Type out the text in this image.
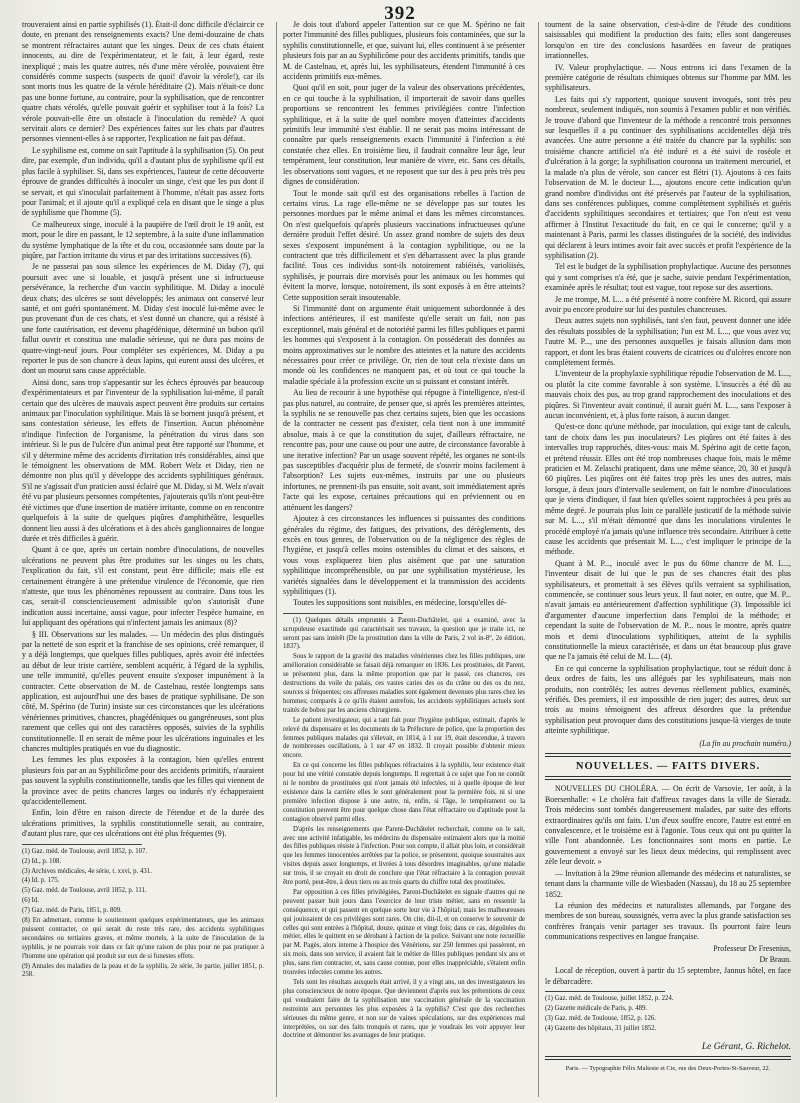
392

trouveraient ainsi en partie syphilisés (1). Était-il donc difficile d'éclaircir ce doute, en prenant des renseignements exacts? Une demi-douzaine de chats se montrent réfractaires autant que les singes. Deux de ces chats étaient innocents, au dire de l'expérimentateur, et le fait, à leur égard, reste inexpliqué ; mais les quatre autres, nés d'une mère vérolée, pouvaient être considérés comme suspects (suspects de quoi! d'avoir la vérole!), car ils sont morts tous les quatre de la vérole héréditaire (2). Mais n'était-ce donc pas une bonne fortune, au contraire, pour la syphilisation, que de rencontrer quatre chats vérolés, qu'elle pouvait guérir et syphiliser tout à la fois? La vérole pouvait-elle être un obstacle à l'inoculation du remède? A quoi servirait alors ce dernier? Des expériences faites sur les chats par d'autres personnes viennent-elles à se rapporter, l'explication ne fait pas défaut.

Le syphilisme est, comme on sait l'aptitude à la syphilisation (5). On peut dire, par exemple, d'un individu, qu'il a d'autant plus de syphilisme qu'il est plus facile à syphiliser. Si, dans ses expériences, l'auteur de cette découverte éprouve de grandes difficultés à inoculer un singe, c'est que les pus dont il se servait, et qui s'inoculait parfaitement à l'homme, n'était pas assez forts pour l'animal; et il ajoute qu'il a expliqué cela en disant que le singe a plus de syphilisme que l'homme (5).

Ce malheureux singe, inoculé à la paupière de l'œil droit le 19 août, est mort, pour le dire en passant, le 12 septembre, à la suite d'une inflammation du système lymphatique de la tête et du cou, occasionnée sans doute par la piqûre, par l'action irritante du virus et par des irritations successives (6).

Je ne passerai pas sous silence les expériences de M. Diday (7), qui poursuit avec une si louable, et jusqu'à présent une si infructueuse persévérance, la recherche d'un vaccin syphilitique. M. Diday a inoculé deux chats; des ulcères se sont développés; les animaux ont conservé leur santé, et ont guéri spontanément. M. Diday s'est inoculé lui-même avec le pus provenant d'un de ces chats, et s'est donné un chancre, qui a résisté à une forte cautérisation, est devenu phagédénique, déterminé un bubon qu'il fallut ouvrir et constitua une maladie sérieuse, qui ne dura pas moins de quatre-vingt-neuf jours. Pour compléter ses expériences, M. Diday a pu reporter le pus de son chancre à deux lapins, qui eurent aussi des ulcères, et dont un mourut sans cause appréciable.

Ainsi donc, sans trop s'appesantir sur les échecs éprouvés par beaucoup d'expérimentateurs et par l'inventeur de la syphilisation lui-même, il paraît certain que des ulcères de mauvais aspect peuvent être produits sur certains animaux par l'inoculation syphilitique. Mais là se bornent jusqu'à présent, et sans contestation sérieuse, les effets de l'insertion. Aucun phénomène n'indique l'infection de l'organisme, la pénétration du virus dans son intérieur. Si le pus de l'ulcère d'un animal peut être rapporté sur l'homme, et s'il y détermine même des accidents d'irritation très considérables, ainsi que le témoignent les observations de MM. Robert Welz et Diday, rien ne démontre non plus qu'il y développe des accidents syphilitiques généraux. S'il ne s'agissait d'un praticien aussi éclairé que M. Diday, si M. Welz n'avait été vu par plusieurs personnes compétentes, j'ajouterais qu'ils n'ont peut-être été victimes que d'une insertion de matière irritante, comme on en rencontre quelquefois à la suite de quelques piqûres d'amphithéâtre, lesquelles donnent lieu aussi à des ulcérations et à des abcès ganglionnaires de longue durée et très difficiles à guérir.

Quant à ce que, après un certain nombre d'inoculations, de nouvelles ulcérations ne peuvent plus être produites sur les singes ou les chats, l'explication du fait, s'il est constant, peut être difficile; mais elle est certainement étrangère à une prétendue virulence de l'économie, que rien n'atteste, que tous les phénomènes repoussent au contraire. Dans tous les cas, serait-il consciencieusement admissible qu'on s'autorisât d'une indication aussi incertaine, aussi vague, pour infecter l'espèce humaine, en lui appliquant des opérations qui n'infectent jamais les animaux (8)?

§ III. Observations sur les malades. — Un médecin des plus distingués par la netteté de son esprit et la franchise de ses opinions, créé remarquer, il y a déjà longtemps, que quelques filles publiques, après avoir été infectées au début de leur triste carrière, semblent acquérir, à l'égard de la syphilis, une telle immunité, qu'elles peuvent ensuite s'exposer impunément à la contracter. Cette observation de M. de Castelnau, restée longtemps sans application, est aujourd'hui une des bases de pratique syphilisane. De son côté, M. Spérino (de Turin) insiste sur ces circonstances que les ulcérations vénériennes primitives, chancres, phagédéniques ou gangréneuses, sont plus rarement que celles qui ont des caractères opposés, suivies de la syphilis constitutionnelle. Il en serait de même pour les ulcérations inguinales et les chancres multiples pratiqués en vue du diagnostic.

Les femmes les plus exposées à la contagion, bien qu'elles entrent plusieurs fois par an au Syphilicôme pour des accidents primitifs, n'auraient pas souvent la syphilis constitutionnelle, tandis que les filles qui viennent de la province avec de petits chancres larges ou indurés n'y échapperaient qu'accidentellement.

Enfin, loin d'être en raison directe de l'étendue et de la durée des ulcérations primitives, la syphilis constitutionnelle serait, au contraire, d'autant plus rare, que ces ulcérations ont été plus fréquentes (9).

(1) Gaz. méd. de Toulouse, avril 1852, p. 107.

(2) Id., p. 108.

(3) Archives médicales, 4e série, t. xxvi, p. 431.

(4) Id. p. 175.

(5) Gaz. méd. de Toulouse, avril 1852, p. 111.

(6) Id.

(7) Gaz. méd. de Paris, 1851, p. 809.

(8) En admettant, comme le soutiennent quelques expérimentateurs, que les animaux puissent contracter, ce qui serait du reste très rare, des accidents syphilitiques secondaires ou tertiaires graves, et même mortels, à la suite de l'inoculation de la syphilis, je ne pourrais voir dans ce fait qu'une raison de plus pour ne pas pratiquer à l'homme une opération qui produit sur eux de si funestes effets.

(9) Annales des maladies de la peau et de la syphilis, 2e série, 3e partie, juillet 1851, p. 258.

Je dois tout d'abord appeler l'attention sur ce que M. Spérino ne fait porter l'immunité des filles publiques, plusieurs fois contaminées, que sur la syphilis constitutionnelle, et que, suivant lui, elles continuent à se présenter plusieurs fois par an au Syphilicôme pour des accidents primitifs, tandis que M. de Castelnau, et, après lui, les syphilisateurs, étendent l'immunité à ces accidents primitifs eux-mêmes.

Quoi qu'il en soit, pour juger de la valeur des observations précédentes, en ce qui touche à la syphilisation, il importerait de savoir dans quelles proportions se rencontrent les femmes privilégiées contre l'infection syphilitique, et à la suite de quel nombre moyen d'atteintes d'accidents primitifs leur immunité s'est établie. Il ne serait pas moins intéressant de connaître par quels renseignements exacts l'immunité à l'infection a été constatée chez elles. En troisième lieu, il faudrait connaître leur âge, leur tempérament, leur constitution, leur manière de vivre, etc. Sans ces détails, les observations sont vagues, et ne reposent que sur des à peu près très peu dignes de considération.

Tout le monde sait qu'il est des organisations rebelles à l'action de certains virus. La rage elle-même ne se développe pas sur toutes les personnes mordues par le même animal et dans les mêmes circonstances. On n'est quelquefois qu'après plusieurs vaccinations infructueuses qu'une dernière produit l'effet désiré. Un assez grand nombre de sujets des deux sexes s'exposent impunément à la contagion syphilitique, ou ne la contractent que très difficilement et s'en débarrassent avec la plus grande facilité. Tous ces individus sont-ils notoirement rabiéisés, varioliisés, syphilisés, je pourrais dire morvisés pour les animaux ou les hommes qui évitent la morve, lorsque, notoirement, ils sont exposés à en être atteints? Cette supposition serait insoutenable.

Si l'immunité dont on argumente était uniquement subordonnée à des infections antérieures, il est manifeste qu'elle serait un fait, non pas exceptionnel, mais général et de notoriété parmi les filles publiques et parmi les hommes qui s'exposent à la contagion. On posséderait des données au moins approximatives sur le nombre des atteintes et la nature des accidents nécessaires pour créer ce privilège. Or, rien de tout cela n'existe dans un monde où les confidences ne manquent pas, et où tout ce qui touche la maladie spéciale à la profession excite un si puissant et constant intérêt.

Au lieu de recourir à une hypothèse qui répugne à l'intelligence, n'est-il pas plus naturel, au contraire, de penser que, si après les premières atteintes, la syphilis ne se renouvelle pas chez certains sujets, bien que les occasions de la contracter ne cessent pas d'exister, cela tient non à une immunité absolue, mais à ce que la constitution du sujet, d'ailleurs réfractaire, ne rencontre pas, pour une cause ou pour une autre, de circonstance favorable à une iterative infection? Par un usage souvent répété, les organes ne sont-ils pas susceptibles d'acquérir plus de fermeté, de s'ouvrir moins facilement à l'absorption? Les sujets eux-mêmes, instruits par une ou plusieurs infortunes, ne prennent-ils pas ensuite, soit avant, soit immédiatement après l'acte qui les expose, certaines précautions qui en préviennent ou en atténuent les dangers?

Ajoutez à ces circonstances les influences si puissantes des conditions générales du régime, des fatigues, des privations, des dérèglements, des excès en tous genres, de l'observation ou de la négligence des règles de l'hygiène, et jusqu'à celles moins ostensibles du climat et des saisons, et vous vous expliquerez bien plus aisément que par une saturation syphilitique incompréhensible, ou par une syphilisation mystérieuse, les variétés signalées dans le développement et la transmission des accidents syphilitiques (1).

Toutes les suppositions sont nuisibles, en médecine, lorsqu'elles dé-

(1) Quelques détails empruntés à Parent-Duchâtelet, qui a examiné, avec la scrupuleuse exactitude qui caractérisait ses travaux, la question que je traite ici, ne seront pas sans intérêt (De la prostitution dans la ville de Paris, 2 vol in-8°, 2e édition, 1837).

Sous le rapport de la gravité des maladies vénériennes chez les filles publiques, une amélioration considérable se faisait déjà remarquer en 1836. Les prostituées, dit Parent, se présentent plus, dans la même proportion que par le passé, ces chancres, ces destructions du voile du palais, ces vastes caries des os du crâne ou des os du nez, sources si fréquentes; ces affreuses maladies sont également devenues plus rares chez les hommes; comparés à ce qu'ils étaient autrefois, les accidents syphilitiques actuels sont traités de bobos par les anciens chirurgiens.

Le patient investigateur, qui a tant fait pour l'hygiène publique, estimait, d'après le relevé du dispensaire et les documents de la Préfecture de police, que la proportion des femmes publiques malades qui s'élevait, en 1814, à 1 sur 19, était descendue, à travers de nombreuses oscillations, à 1 sur 47 en 1832. Il croyait possible d'obtenir mieux encore.

En ce qui concerne les filles publiques réfractaires à la syphilis, leur existence était pour lui une vérité constatée depuis longtemps. Il regrettait à ce sujet que l'on ne connût ni le nombre de prostituées qui n'ont jamais été infectées, ni à quelle époque de leur existence dans la carrière elles le sont généralement pour la première fois, ni si une première infection dispose à une autre, ni, enfin, si l'âge, le tempérament ou la constitution peuvent être pour quelque chose dans l'état réfractaire ou d'aptitude pour la contagion observé parmi elles.

D'après les renseignements que Parent-Duchâtelet recherchait, comme on le sait, avec une activité infatigable, les médecins du dispensaire estimaient alors que la moitié des filles publiques résiste à l'infection. Pour son compte, il allait plus loin, et considérait que les femmes innocentées arrêtées par la police, se présentent, quoique soustraites aux visites depuis assez longtemps, et livrées à tous désordres imaginables, qu'une maladie sur trois, il se croyait en droit de conclure que l'état réfractaire à la contagion pouvait être porté, peut-être, à deux tiers ou au trois quarts du chiffre total des prostituées.

Par opposition à ces filles privilégiées, Parent-Duchâtelet en signale d'autres qui ne peuvent passer huit jours dans l'exercice de leur triste métier, sans en ressentir la conséquence, et qui passent en quelque sorte leur vie à l'hôpital; mais les malheureuses qui jouissaient de ces privilèges sont rares. On cite, dit-il, et on conserve le souvenir de celles qui sont entrées à l'hôpital, douze, quinze et vingt fois; dans ce cas, dégoûtées du métier, elles le quittent en se dérobant à l'action de la police. Suivant une note recueillie par M. Pagès, alors interne à l'hospice des Vénériens, sur 250 femmes qui passèrent, en six mois, dans son service, il avaient fait le métier de filles publiques pendant six ans et plus, sans rien contracter, et, sans cause connue, pour elles inappréciable, s'étaient enfin trouvées infectées comme les autres.

Tels sont les résultats auxquels était arrivé, il y a vingt ans, un des investigateurs les plus consciencieux de notre époque. Que deviennent d'après eux les prétentions de ceux qui voudraient faire de la syphilisation une vaccination générale de la vaccination restreinte aux personnes les plus exposées à la syphilis? C'est que des recherches sérieuses du même genre, et non sur de vaines spéculations, sur des expériences mal interprétées, ou sur des faits tronqués et rares, que je voudrais les voir appuyer leur doctrine et démontrer les avantages de leur pratique.

tournent de la saine observation, c'est-à-dire de l'étude des conditions saisissables qui modifient la production des faits; elles sont dangereuses lorsqu'on en tire des conclusions hasardées en faveur de pratiques irrationnelles.

IV. Valeur prophylactique. — Nous entrons ici dans l'examen de la première catégorie de résultats chimiques obtenus sur l'homme par MM. les syphilisateurs.

Les faits qui s'y rapportent, quoique souvent invoqués, sont très peu nombreux, seulement indiqués, non soumis à l'examen public et non vérifiés. Je trouve d'abord que l'inventeur de la méthode a rencontré trois personnes sur lesquelles il a pu continuer des syphilisations accidentelles déjà très avancées. Une autre personne a été traitée du chancre par la syphilis: son troisième chancre artificiel n'a été induré et a été suivi de roséole et d'ulcération à la gorge; la syphilisation couronna un traitement mercuriel, et la malade n'a plus de vérole, son cancer est flétri (1). Ajoutons à ces faits l'observation de M. le docteur L..., ajoutons encore cette indication qu'un grand nombre d'individus ont été préservés par l'auteur de la syphilisation, dans ses conférences publiques, comme complètement syphilisés et guéris d'accidents syphilitiques secondaires et tertiaires; que l'on n'eut est venu affirmer à l'Institut l'exactitude du fait, en ce qui le concerne; qu'il y a maintenant à Paris, parmi les classes distinguées de la société, des individus qui déclarent à leurs intimes avoir fait avec succès et profit l'expérience de la syphilisation (2).

Tel est le budget de la syphilisation prophylactique. Aucune des personnes qui y sont comprises n'a été, que je sache, suivie pendant l'expérimentation, examinée après le résultat; tout est vague, tout repose sur des assertions.

Je me trompe, M. L... a été présenté à notre confrère M. Ricord, qui assure avoir pu encore produire sur lui des pustules chancreuses.

Deux autres sujets non syphilisés, tant s'en faut, peuvent donner une idée des résultats possibles de la syphilisation; l'un est M. L..., que vous avez vu; l'autre M. P..., une des personnes auxquelles je faisais allusion dans mon rapport, et dont les bras étaient couverts de cicatrices ou d'ulcères encore non complètement fermés.

L'inventeur de la prophylaxie syphilitique répudie l'observation de M. L..., ou plutôt la cite comme favorable à son système. L'insuccès a été dû au mauvais choix des pus, au trop grand rapprochement des inoculations et des piqûres. Si l'inventeur avait continué, il aurait guéri M. L..., sans l'exposer à aucun inconvénient, et, à plus forte raison, à aucun danger.

Qu'est-ce donc qu'une méthode, par inoculation, qui exige tant de calculs, tant de choix dans les pus inoculateurs? Les piqûres ont été faites à des intervalles trop rapprochés, dites-vous: mais M. Spérino agit de cette façon, et prétend réussir. Elles ont été trop nombreuses chaque fois, mais le même praticien et M. Zelaschi pratiquent, dans une même séance, 20, 30 et jusqu'à 60 piqûres. Les piqûres ont été faites trop près les unes des autres, mais lorsque, à deux jours d'intervalle seulement, on fait le nombre d'inoculations que je viens d'indiquer, il faut bien qu'elles soient rapprochées à peu près au même degré. Je pourrais plus loin ce parallèle justicatif de la méthode suivie sur M. L..., s'il m'était démontré que dans les inoculations virulentes le procédé employé n'a jamais qu'une influence très secondaire. Attribuer à cette cause les accidents que présentait M. L..., c'est impliquer le principe de la méthode.

Quant à M. P..., inoculé avec le pus du 60me chancre de M. L..., l'inventeur disait de lui que le pus de ses chancres était des plus syphilisateurs, et promettait à ses élèves qu'ils verraient sa syphilisation, commencée, se continuer sous leurs yeux. Il faut noter, en outre, que M. P... n'avait jamais eu antérieurement d'affection syphilitique (3). Impossible ici d'argumenter d'aucune imperfection dans l'emploi de la méthode; et cependant la suite de l'observation de M. P... nous le montre, après quatre mois et demi d'inoculations syphilitiques, atteint de la syphilis constitutionnelle la mieux caractérisée, et dans un état beaucoup plus grave que ne l'a jamais été celui de M. L... (4).

En ce qui concerne la syphilisation prophylactique, tout se réduit donc à deux ordres de faits, les uns allégués par les syphilisateurs, mais non produits, non contrôlés; les autres devenus réellement publics, examinés, vérifiés. Des premiers, il est impossible de rien juger; des autres, deux sur trois au moins témoignent des affreux désordres que la prétendue syphilisation peut provoquer dans des constitutions jusque-là vierges de toute atteinte syphilitique.

(La fin au prochain numéro.)

NOUVELLES. — FAITS DIVERS.

NOUVELLES DU CHOLÉRA. — On écrit de Varsovie, 1er août, à la Boersenhalle: « Le choléra fait d'affreux ravages dans la ville de Sieradz. Trois médecins sont tombés dangereusement malades, par suite des efforts extraordinaires qu'ils ont faits. L'un d'eux souffre encore, l'autre est entré en convalescence, et le troisième est à l'agonie. Tous ceux qui ont pu quitter la ville l'ont abandonnée. Les fonctionnaires sont morts en partie. Le gouvernement a envoyé sur les lieux deux médecins, qui remplissent avec zèle leur devoir. »

— Invitation à la 29me réunion allemande des médecins et naturalistes, se tenant dans la charmante ville de Wiesbaden (Nassau), du 18 au 25 septembre 1852.

La réunion des médecins et naturalistes allemands, par l'organe des membres de son bureau, soussignés, verra avec la plus grande satisfaction ses confrères français venir partager ses travaux. Ils pourront faire leurs communications respectives en langue française.

Professeur Dr Fresenius,

Dr Braun.

Local de réception, ouvert à partir du 15 septembre, Jannus hôtel, en face le débarcadère.

(1) Gaz. méd. de Toulouse, juillet 1852, p. 224.

(2) Gazette médicale de Paris, p. 489.

(3) Gaz. méd. de Toulouse, 1852, p. 126.

(4) Gazette des hôpitaux, 31 juillet 1852.

Le Gérant, G. Richelot.

Paris. — Typographie Félix Malteste et Cie, rue des Deux-Portes-St-Sauveur, 22.
